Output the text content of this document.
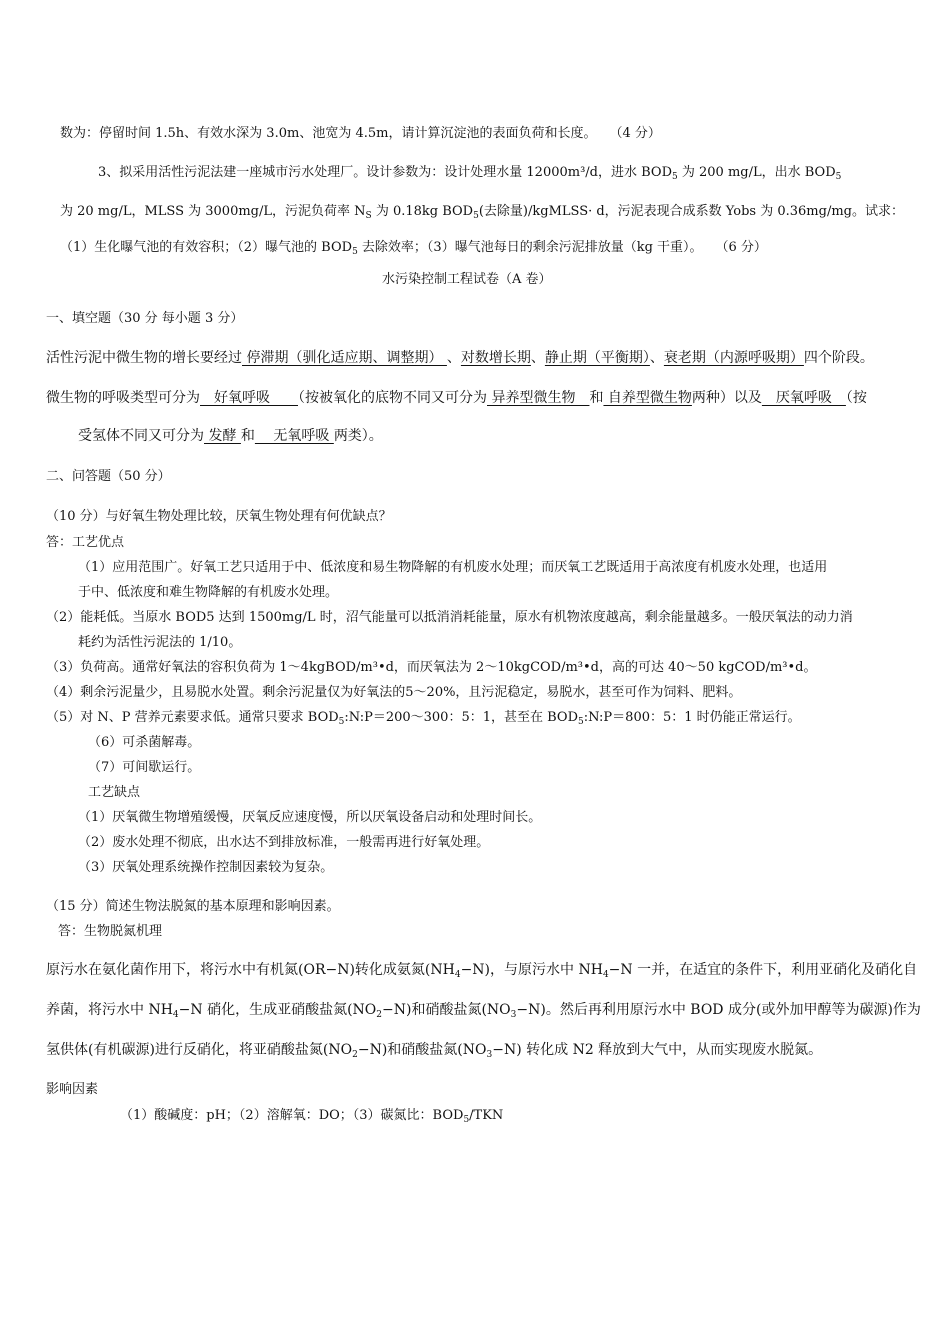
数为：停留时间 1.5h、有效水深为 3.0m、池宽为 4.5m，请计算沉淀池的表面负荷和长度。　　（4 分）
3、拟采用活性污泥法建一座城市污水处理厂。设计参数为：设计处理水量 12000m³/d，进水 $BOD_5$ 为 200 mg/L，出水 $BOD_5$
为 20 mg/L，MLSS 为 3000mg/L，污泥负荷率 $N_S$ 为 0.18kg $BOD_5$(去除量)/kgMLSS· d，污泥表现合成系数 Yobs 为 0.36mg/mg。试求：
（1）生化曝气池的有效容积；（2）曝气池的 $BOD_5$ 去除效率；（3）曝气池每日的剩余污泥排放量（kg 干重）。　　（6 分）
水污染控制工程试卷（A 卷）
一、填空题（30 分 每小题 3 分）
活性污泥中微生物的增长要经过 停滞期（驯化适应期、调整期） 、对数增长期、静止期（平衡期）、衰老期（内源呼吸期）四个阶段。
微生物的呼吸类型可分为　好氧呼吸　　（按被氧化的底物不同又可分为 异养型微生物　和 自养型微生物两种）以及　厌氧呼吸　（按
受氢体不同又可分为 发酵 和　 无氧呼吸 两类）。
二、问答题（50 分）
（10 分）与好氧生物处理比较，厌氧生物处理有何优缺点？
答：工艺优点
（1）应用范围广。好氧工艺只适用于中、低浓度和易生物降解的有机废水处理；而厌氧工艺既适用于高浓度有机废水处理，也适用
于中、低浓度和难生物降解的有机废水处理。
（2）能耗低。当原水 BOD5 达到 1500mg/L 时，沼气能量可以抵消消耗能量，原水有机物浓度越高，剩余能量越多。一般厌氧法的动力消
耗约为活性污泥法的 1/10。
（3）负荷高。通常好氧法的容积负荷为 1～4kgBOD/m³•d，而厌氧法为 2～10kgCOD/m³•d，高的可达 40～50 kgCOD/m³•d。
（4）剩余污泥量少，且易脱水处置。剩余污泥量仅为好氧法的5～20%，且污泥稳定，易脱水，甚至可作为饲料、肥料。
（5）对 N、P 营养元素要求低。通常只要求 $BOD_5:N:P=200\sim 300$：5：1，甚至在 $BOD_5:N:P=800$：5：1 时仍能正常运行。
（6）可杀菌解毒。
（7）可间歇运行。
工艺缺点
（1）厌氧微生物增殖缓慢，厌氧反应速度慢，所以厌氧设备启动和处理时间长。
（2）废水处理不彻底，出水达不到排放标准，一般需再进行好氧处理。
（3）厌氧处理系统操作控制因素较为复杂。
（15 分）简述生物法脱氮的基本原理和影响因素。
答：生物脱氮机理
原污水在氨化菌作用下，将污水中有机氮(OR−N)转化成氨氮$(NH_4-N)$，与原污水中 $NH_4-N$ 一并，在适宜的条件下，利用亚硝化及硝化自
养菌，将污水中 $NH_4-N$ 硝化，生成亚硝酸盐氮$(NO_2-N)$和硝酸盐氮$(NO_3-N)$。然后再利用原污水中 BOD 成分(或外加甲醇等为碳源)作为
氢供体(有机碳源)进行反硝化，将亚硝酸盐氮$(NO_2-N)$和硝酸盐氮$(NO_3-N)$ 转化成 N2 释放到大气中，从而实现废水脱氮。
影响因素
（1）酸碱度：pH；（2）溶解氧：DO；（3）碳氮比：$BOD_5$/TKN
